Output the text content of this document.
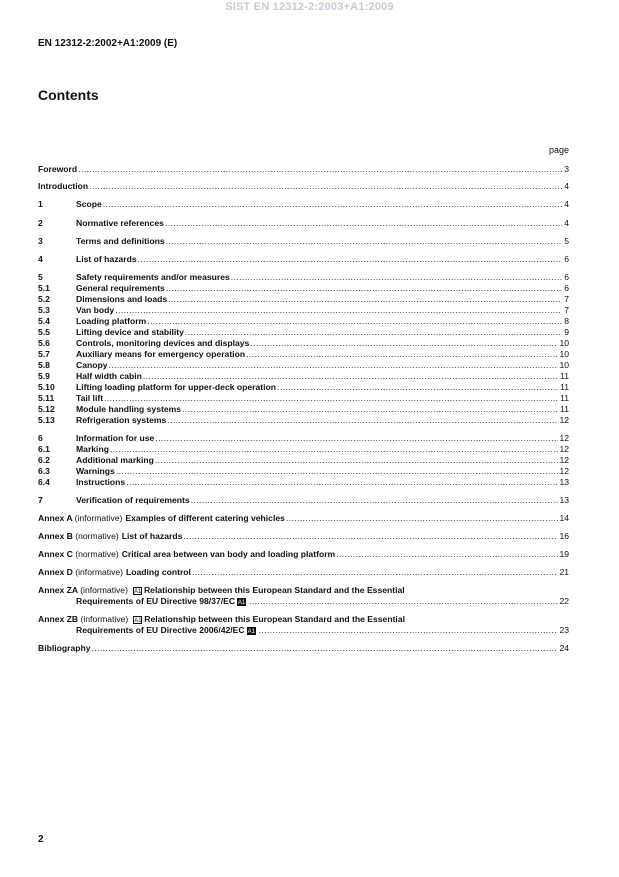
SIST EN 12312-2:2003+A1:2009
EN 12312-2:2002+A1:2009 (E)
Contents
page
Foreword .....	3
Introduction .....	4
1	Scope .....	4
2	Normative references .....	4
3	Terms and definitions .....	5
4	List of hazards .....	6
5	Safety requirements and/or measures .....	6
5.1	General requirements .....	6
5.2	Dimensions and loads .....	7
5.3	Van body .....	7
5.4	Loading platform .....	8
5.5	Lifting device and stability .....	9
5.6	Controls, monitoring devices and displays .....	10
5.7	Auxiliary means for emergency operation .....	10
5.8	Canopy .....	10
5.9	Half width cabin .....	11
5.10	Lifting loading platform for upper-deck operation .....	11
5.11	Tail lift .....	11
5.12	Module handling systems .....	11
5.13	Refrigeration systems .....	12
6	Information for use .....	12
6.1	Marking .....	12
6.2	Additional marking .....	12
6.3	Warnings .....	12
6.4	Instructions .....	13
7	Verification of requirements .....	13
Annex A (informative) Examples of different catering vehicles .....	14
Annex B (normative) List of hazards .....	16
Annex C (normative) Critical area between van body and loading platform .....	19
Annex D (informative) Loading control .....	21
Annex ZA (informative) A1 Relationship between this European Standard and the Essential
Requirements of EU Directive 98/37/EC A1 .....	22
Annex ZB (informative) A1 Relationship between this European Standard and the Essential
Requirements of EU Directive 2006/42/EC A1 .....	23
Bibliography .....	24
2
